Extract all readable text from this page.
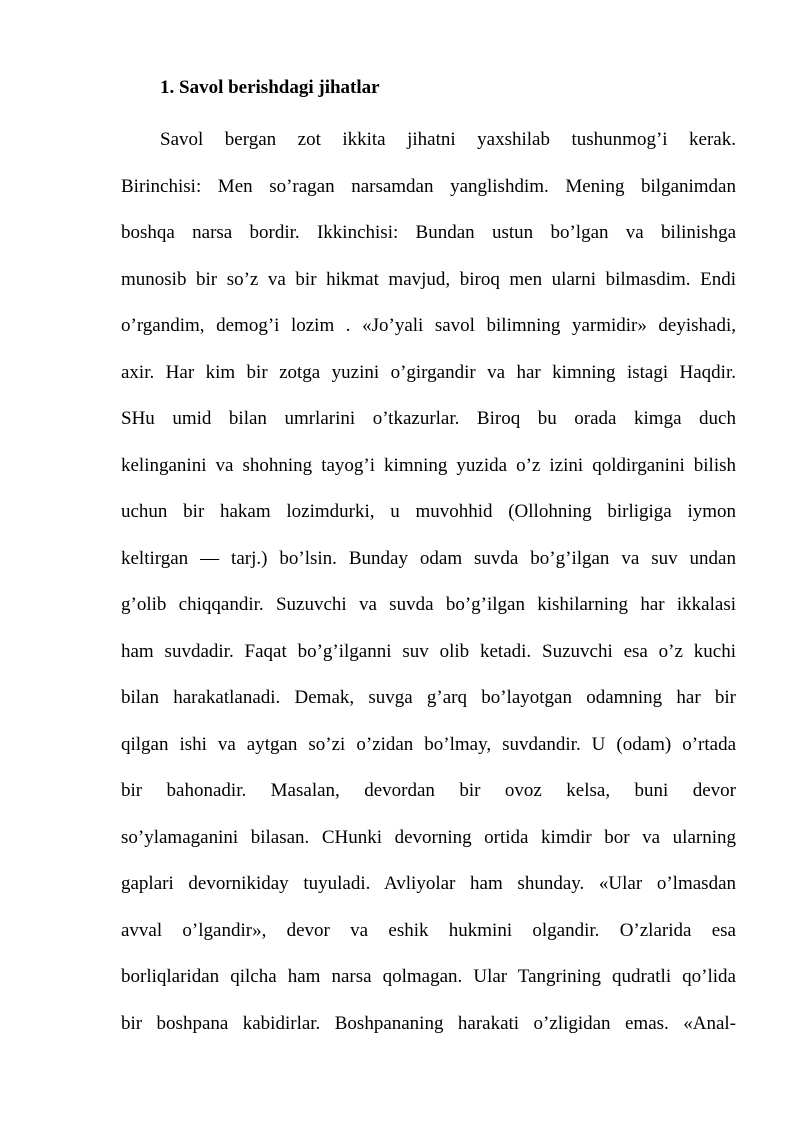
1. Savol berishdagi jihatlar
Savol bergan zot ikkita jihatni yaxshilab tushunmog’i kerak.
Birinchisi: Men so’ragan narsamdan yanglishdim. Mening bilganimdan
boshqa narsa bordir. Ikkinchisi: Bundan ustun bo’lgan va bilinishga
munosib bir so’z va bir hikmat mavjud, biroq men ularni bilmasdim. Endi
o’rgandim, demog’i lozim . «Jo’yali savol bilimning yarmidir» deyishadi,
axir. Har kim bir zotga yuzini o’girgandir va har kimning istagi Haqdir.
SHu umid bilan umrlarini o’tkazurlar. Biroq bu orada kimga duch
kelinganini va shohning tayog’i kimning yuzida o’z izini qoldirganini bilish
uchun bir hakam lozimdurki, u muvohhid (Ollohning birligiga iymon
keltirgan — tarj.) bo’lsin. Bunday odam suvda bo’g’ilgan va suv undan
g’olib chiqqandir. Suzuvchi va suvda bo’g’ilgan kishilarning har ikkalasi
ham suvdadir. Faqat bo’g’ilganni suv olib ketadi. Suzuvchi esa o’z kuchi
bilan harakatlanadi. Demak, suvga g’arq bo’layotgan odamning har bir
qilgan ishi va aytgan so’zi o’zidan bo’lmay, suvdandir. U (odam) o’rtada
bir bahonadir. Masalan, devordan bir ovoz kelsa, buni devor
so’ylamaganini bilasan. CHunki devorning ortida kimdir bor va ularning
gaplari devornikiday tuyuladi. Avliyolar ham shunday. «Ular o’lmasdan
avval o’lgandir», devor va eshik hukmini olgandir. O’zlarida esa
borliqlaridan qilcha ham narsa qolmagan. Ular Tangrining qudratli qo’lida
bir boshpana kabidirlar. Boshpananing harakati o’zligidan emas. «Anal-
